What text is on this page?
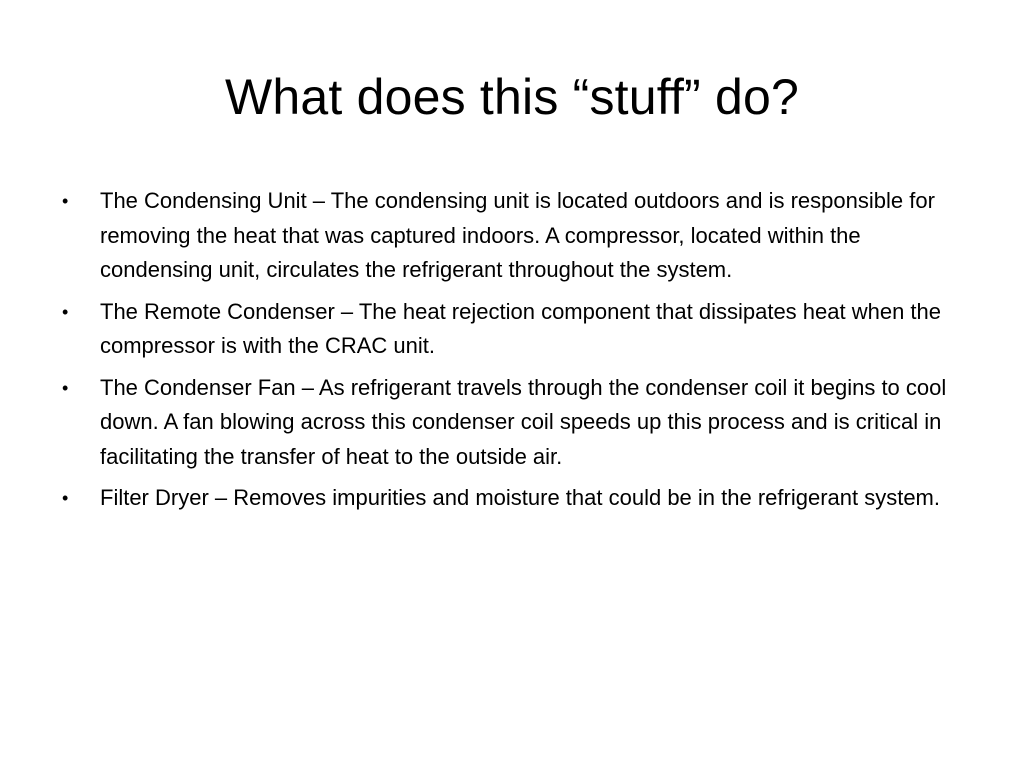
What does this “stuff” do?
• The Condensing Unit – The condensing unit is located outdoors and is responsible for removing the heat that was captured indoors. A compressor, located within the condensing unit, circulates the refrigerant throughout the system.
• The Remote Condenser – The heat rejection component that dissipates heat when the compressor is with the CRAC unit.
• The Condenser Fan – As refrigerant travels through the condenser coil it begins to cool down. A fan blowing across this condenser coil speeds up this process and is critical in facilitating the transfer of heat to the outside air.
• Filter Dryer – Removes impurities and moisture that could be in the refrigerant system.
